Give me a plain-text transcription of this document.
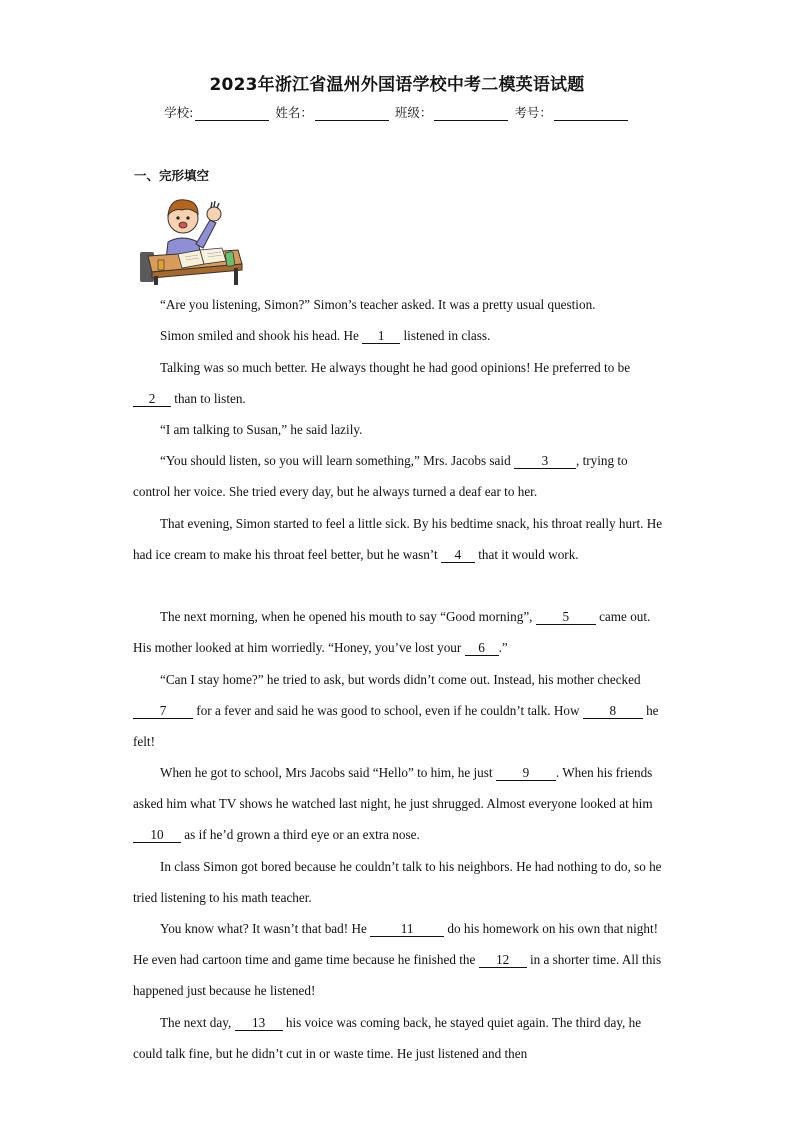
2023年浙江省温州外国语学校中考二模英语试题
学校:	姓名：	班级：	考号：
一、完形填空

“Are you listening, Simon?” Simon’s teacher asked. It was a pretty usual question.

Simon smiled and shook his head. He 1 listened in class.

Talking was so much better. He always thought he had good opinions! He preferred to be 2 than to listen.

“I am talking to Susan,” he said lazily.

“You should listen, so you will learn something,” Mrs. Jacobs said 3 , trying to control her voice. She tried every day, but he always turned a deaf ear to her.

That evening, Simon started to feel a little sick. By his bedtime snack, his throat really hurt. He had ice cream to make his throat feel better, but he wasn’t 4 that it would work.

The next morning, when he opened his mouth to say “Good morning”, 5 came out. His mother looked at him worriedly. “Honey, you’ve lost your 6 .”

“Can I stay home?” he tried to ask, but words didn’t come out. Instead, his mother checked 7 for a fever and said he was good to school, even if he couldn’t talk. How 8 he felt!

When he got to school, Mrs Jacobs said “Hello” to him, he just 9 . When his friends asked him what TV shows he watched last night, he just shrugged. Almost everyone looked at him 10 as if he’d grown a third eye or an extra nose.

In class Simon got bored because he couldn’t talk to his neighbors. He had nothing to do, so he tried listening to his math teacher.

You know what? It wasn’t that bad! He 11 do his homework on his own that night! He even had cartoon time and game time because he finished the 12 in a shorter time. All this happened just because he listened!

The next day, 13 his voice was coming back, he stayed quiet again. The third day, he could talk fine, but he didn’t cut in or waste time. He just listened and then
